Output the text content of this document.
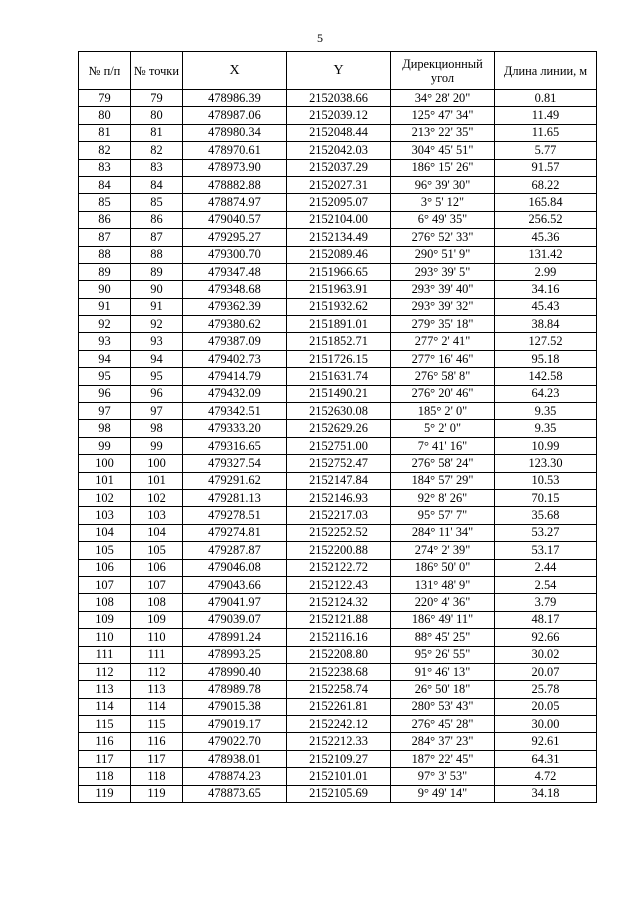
5
№ п/п	№ точки	X	Y	Дирекционный угол	Длина линии, м
79	79	478986.39	2152038.66	34° 28' 20"	0.81
80	80	478987.06	2152039.12	125° 47' 34"	11.49
81	81	478980.34	2152048.44	213° 22' 35"	11.65
82	82	478970.61	2152042.03	304° 45' 51"	5.77
83	83	478973.90	2152037.29	186° 15' 26"	91.57
84	84	478882.88	2152027.31	96° 39' 30"	68.22
85	85	478874.97	2152095.07	3° 5' 12"	165.84
86	86	479040.57	2152104.00	6° 49' 35"	256.52
87	87	479295.27	2152134.49	276° 52' 33"	45.36
88	88	479300.70	2152089.46	290° 51' 9"	131.42
89	89	479347.48	2151966.65	293° 39' 5"	2.99
90	90	479348.68	2151963.91	293° 39' 40"	34.16
91	91	479362.39	2151932.62	293° 39' 32"	45.43
92	92	479380.62	2151891.01	279° 35' 18"	38.84
93	93	479387.09	2151852.71	277° 2' 41"	127.52
94	94	479402.73	2151726.15	277° 16' 46"	95.18
95	95	479414.79	2151631.74	276° 58' 8"	142.58
96	96	479432.09	2151490.21	276° 20' 46"	64.23
97	97	479342.51	2152630.08	185° 2' 0"	9.35
98	98	479333.20	2152629.26	5° 2' 0"	9.35
99	99	479316.65	2152751.00	7° 41' 16"	10.99
100	100	479327.54	2152752.47	276° 58' 24"	123.30
101	101	479291.62	2152147.84	184° 57' 29"	10.53
102	102	479281.13	2152146.93	92° 8' 26"	70.15
103	103	479278.51	2152217.03	95° 57' 7"	35.68
104	104	479274.81	2152252.52	284° 11' 34"	53.27
105	105	479287.87	2152200.88	274° 2' 39"	53.17
106	106	479046.08	2152122.72	186° 50' 0"	2.44
107	107	479043.66	2152122.43	131° 48' 9"	2.54
108	108	479041.97	2152124.32	220° 4' 36"	3.79
109	109	479039.07	2152121.88	186° 49' 11"	48.17
110	110	478991.24	2152116.16	88° 45' 25"	92.66
111	111	478993.25	2152208.80	95° 26' 55"	30.02
112	112	478990.40	2152238.68	91° 46' 13"	20.07
113	113	478989.78	2152258.74	26° 50' 18"	25.78
114	114	479015.38	2152261.81	280° 53' 43"	20.05
115	115	479019.17	2152242.12	276° 45' 28"	30.00
116	116	479022.70	2152212.33	284° 37' 23"	92.61
117	117	478938.01	2152109.27	187° 22' 45"	64.31
118	118	478874.23	2152101.01	97° 3' 53"	4.72
119	119	478873.65	2152105.69	9° 49' 14"	34.18
